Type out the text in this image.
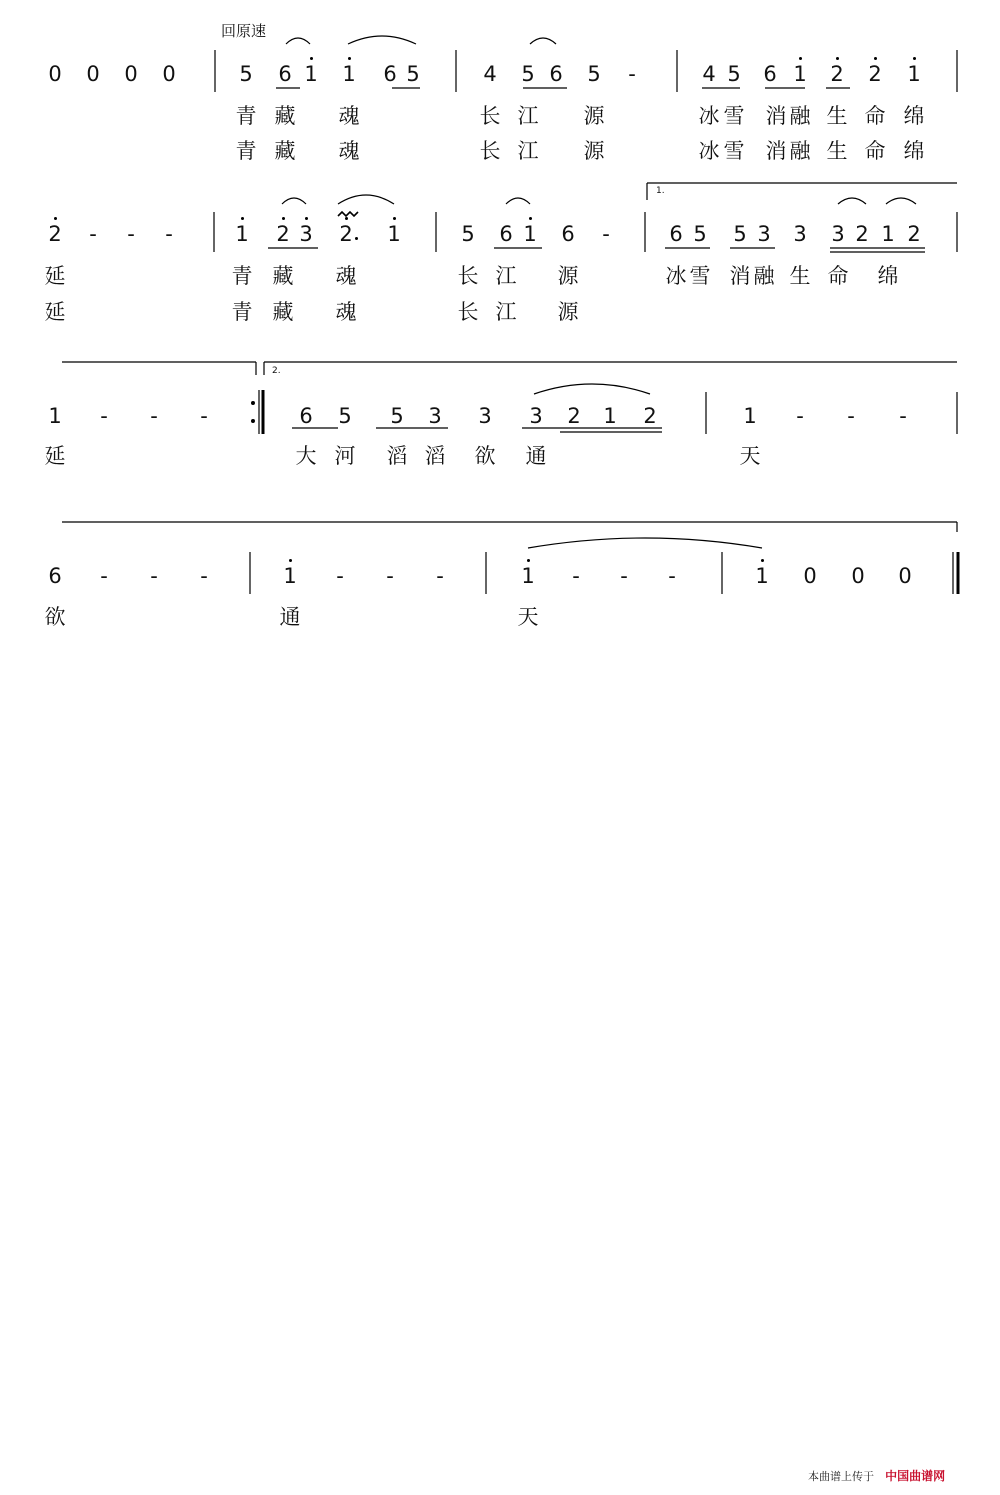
回原速
1.
2.
0 0 0 0	5 6 1 1 6 5	4 5 6 5	-	4 5 6 1 2 2 1
2	-	-	-	1 2 3 2 1	5 6 1 6	-	6 5 5 3 3 3 2 1 2
1	-	-	-	6 5 5 3 3 3 2 1 2	1	-	-	-
6	-	-	-	1	-	-	-	1	-	-	-	1 0 0 0
青 藏 魂	长 江 源	冰 雪 消 融 生 命 绵
青 藏 魂	长 江 源	冰 雪 消 融 生 命 绵
延	青 藏 魂	长 江 源	冰 雪 消 融 生 命 绵
延	青 藏 魂	长 江 源
延	大 河 滔 滔 欲 通	天
欲	通	天
本曲谱上传于 中国曲谱网
